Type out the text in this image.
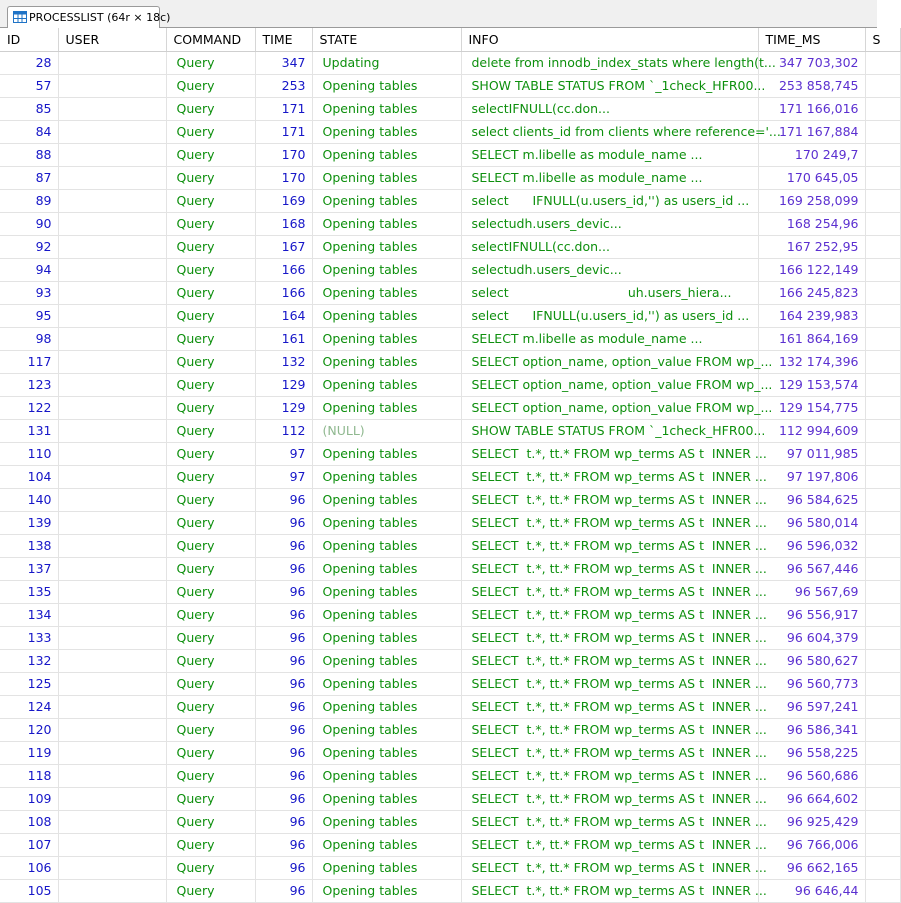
PROCESSLIST (64r × 18c)
ID	USER	COMMAND	TIME	STATE	INFO	TIME_MS	S
28		Query	347	Updating	delete from innodb_index_stats where length(t...	347 703,302	
57		Query	253	Opening tables	SHOW TABLE STATUS FROM `_1check_HFR00...	253 858,745	
85		Query	171	Opening tables	selectIFNULL(cc.don...	171 166,016	
84		Query	171	Opening tables	select clients_id from clients where reference='...	171 167,884	
88		Query	170	Opening tables	SELECT m.libelle as module_name ...	170 249,7	
87		Query	170	Opening tables	SELECT m.libelle as module_name ...	170 645,05	
89		Query	169	Opening tables	select      IFNULL(u.users_id,'') as users_id ...	169 258,099	
90		Query	168	Opening tables	selectudh.users_devic...	168 254,96	
92		Query	167	Opening tables	selectIFNULL(cc.don...	167 252,95	
94		Query	166	Opening tables	selectudh.users_devic...	166 122,149	
93		Query	166	Opening tables	select                              uh.users_hiera...	166 245,823	
95		Query	164	Opening tables	select      IFNULL(u.users_id,'') as users_id ...	164 239,983	
98		Query	161	Opening tables	SELECT m.libelle as module_name ...	161 864,169	
117		Query	132	Opening tables	SELECT option_name, option_value FROM wp_...	132 174,396	
123		Query	129	Opening tables	SELECT option_name, option_value FROM wp_...	129 153,574	
122		Query	129	Opening tables	SELECT option_name, option_value FROM wp_...	129 154,775	
131		Query	112	(NULL)	SHOW TABLE STATUS FROM `_1check_HFR00...	112 994,609	
110		Query	97	Opening tables	SELECT  t.*, tt.* FROM wp_terms AS t  INNER ...	97 011,985	
104		Query	97	Opening tables	SELECT  t.*, tt.* FROM wp_terms AS t  INNER ...	97 197,806	
140		Query	96	Opening tables	SELECT  t.*, tt.* FROM wp_terms AS t  INNER ...	96 584,625	
139		Query	96	Opening tables	SELECT  t.*, tt.* FROM wp_terms AS t  INNER ...	96 580,014	
138		Query	96	Opening tables	SELECT  t.*, tt.* FROM wp_terms AS t  INNER ...	96 596,032	
137		Query	96	Opening tables	SELECT  t.*, tt.* FROM wp_terms AS t  INNER ...	96 567,446	
135		Query	96	Opening tables	SELECT  t.*, tt.* FROM wp_terms AS t  INNER ...	96 567,69	
134		Query	96	Opening tables	SELECT  t.*, tt.* FROM wp_terms AS t  INNER ...	96 556,917	
133		Query	96	Opening tables	SELECT  t.*, tt.* FROM wp_terms AS t  INNER ...	96 604,379	
132		Query	96	Opening tables	SELECT  t.*, tt.* FROM wp_terms AS t  INNER ...	96 580,627	
125		Query	96	Opening tables	SELECT  t.*, tt.* FROM wp_terms AS t  INNER ...	96 560,773	
124		Query	96	Opening tables	SELECT  t.*, tt.* FROM wp_terms AS t  INNER ...	96 597,241	
120		Query	96	Opening tables	SELECT  t.*, tt.* FROM wp_terms AS t  INNER ...	96 586,341	
119		Query	96	Opening tables	SELECT  t.*, tt.* FROM wp_terms AS t  INNER ...	96 558,225	
118		Query	96	Opening tables	SELECT  t.*, tt.* FROM wp_terms AS t  INNER ...	96 560,686	
109		Query	96	Opening tables	SELECT  t.*, tt.* FROM wp_terms AS t  INNER ...	96 664,602	
108		Query	96	Opening tables	SELECT  t.*, tt.* FROM wp_terms AS t  INNER ...	96 925,429	
107		Query	96	Opening tables	SELECT  t.*, tt.* FROM wp_terms AS t  INNER ...	96 766,006	
106		Query	96	Opening tables	SELECT  t.*, tt.* FROM wp_terms AS t  INNER ...	96 662,165	
105		Query	96	Opening tables	SELECT  t.*, tt.* FROM wp_terms AS t  INNER ...	96 646,44	
